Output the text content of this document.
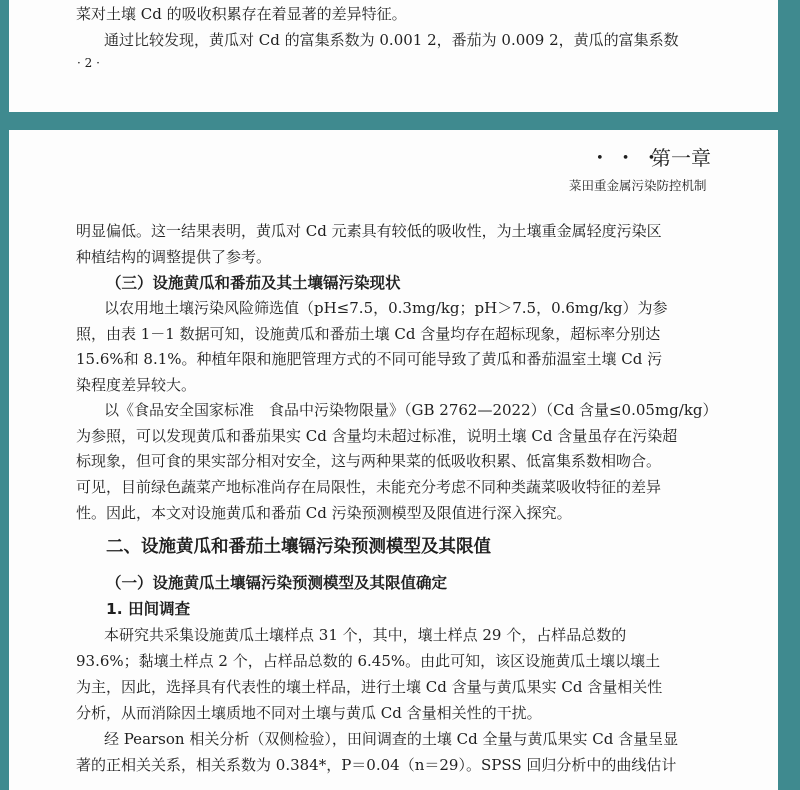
菜对土壤 Cd 的吸收积累存在着显著的差异特征。
通过比较发现，黄瓜对 Cd 的富集系数为 0.001 2，番茄为 0.009 2，黄瓜的富集系数
· 2 ·
• • •
第一章
菜田重金属污染防控机制
明显偏低。这一结果表明，黄瓜对 Cd 元素具有较低的吸收性，为土壤重金属轻度污染区
种植结构的调整提供了参考。
（三）设施黄瓜和番茄及其土壤镉污染现状
以农用地土壤污染风险筛选值（pH≤7.5，0.3mg/kg；pH＞7.5，0.6mg/kg）为参
照，由表 1－1 数据可知，设施黄瓜和番茄土壤 Cd 含量均存在超标现象，超标率分别达
15.6%和 8.1%。种植年限和施肥管理方式的不同可能导致了黄瓜和番茄温室土壤 Cd 污
染程度差异较大。
以《食品安全国家标准　食品中污染物限量》（GB 2762—2022）（Cd 含量≤0.05mg/kg）
为参照，可以发现黄瓜和番茄果实 Cd 含量均未超过标准，说明土壤 Cd 含量虽存在污染超
标现象，但可食的果实部分相对安全，这与两种果菜的低吸收积累、低富集系数相吻合。
可见，目前绿色蔬菜产地标准尚存在局限性，未能充分考虑不同种类蔬菜吸收特征的差异
性。因此，本文对设施黄瓜和番茄 Cd 污染预测模型及限值进行深入探究。
二、设施黄瓜和番茄土壤镉污染预测模型及其限值
（一）设施黄瓜土壤镉污染预测模型及其限值确定
1. 田间调查
本研究共采集设施黄瓜土壤样点 31 个，其中，壤土样点 29 个，占样品总数的
93.6%；黏壤土样点 2 个，占样品总数的 6.45%。由此可知，该区设施黄瓜土壤以壤土
为主，因此，选择具有代表性的壤土样品，进行土壤 Cd 含量与黄瓜果实 Cd 含量相关性
分析，从而消除因土壤质地不同对土壤与黄瓜 Cd 含量相关性的干扰。
经 Pearson 相关分析（双侧检验），田间调查的土壤 Cd 全量与黄瓜果实 Cd 含量呈显
著的正相关关系，相关系数为 0.384*，P＝0.04（n＝29）。SPSS 回归分析中的曲线估计
